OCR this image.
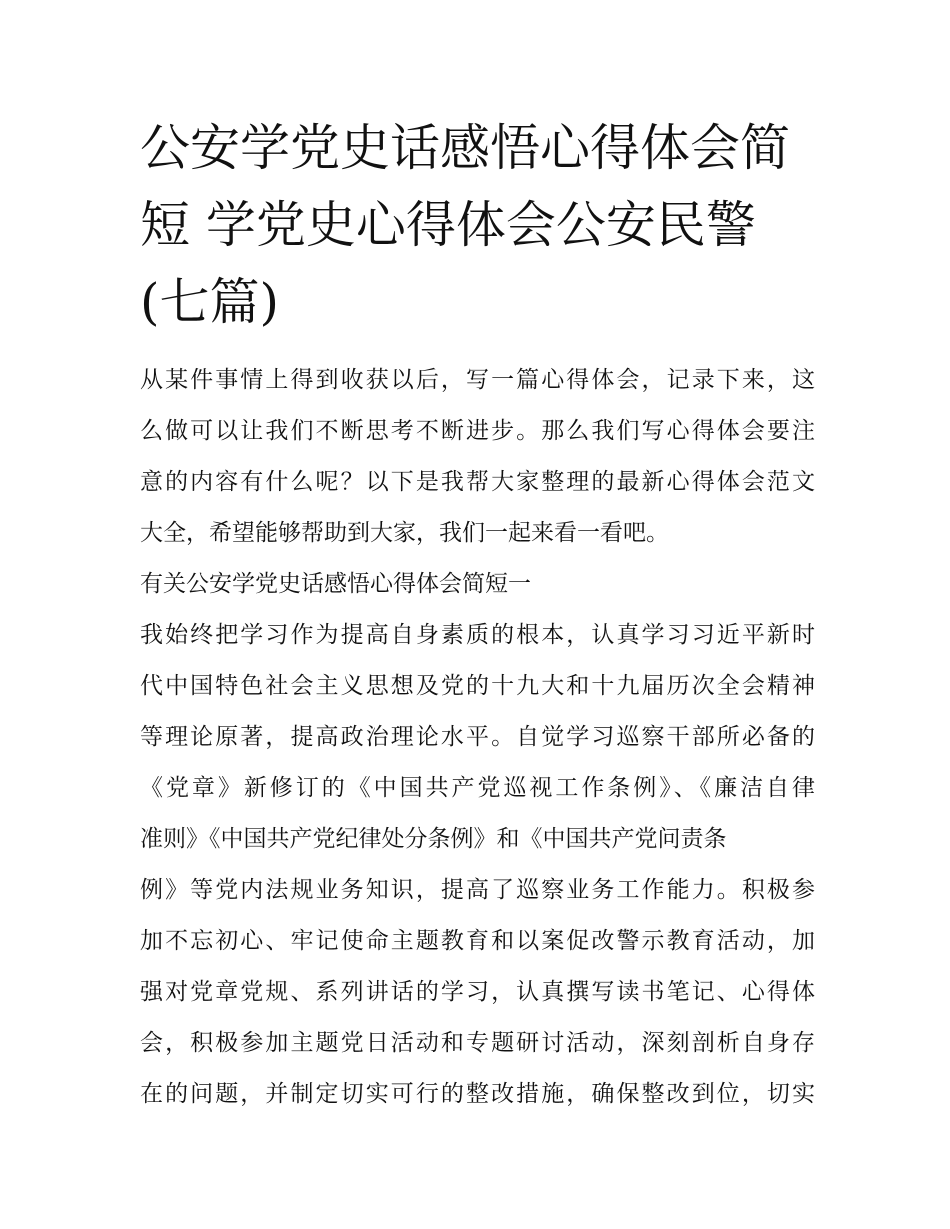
公安学党史话感悟心得体会简
短 学党史心得体会公安民警
(七篇)

从某件事情上得到收获以后，写一篇心得体会，记录下来，这
么做可以让我们不断思考不断进步。那么我们写心得体会要注
意的内容有什么呢？以下是我帮大家整理的最新心得体会范文
大全，希望能够帮助到大家，我们一起来看一看吧。

有关公安学党史话感悟心得体会简短一

我始终把学习作为提高自身素质的根本，认真学习习近平新时
代中国特色社会主义思想及党的十九大和十九届历次全会精神
等理论原著，提高政治理论水平。自觉学习巡察干部所必备的
《党章》新修订的《中国共产党巡视工作条例》、《廉洁自律
准则》《中国共产党纪律处分条例》和《中国共产党问责条
例》等党内法规业务知识，提高了巡察业务工作能力。积极参
加不忘初心、牢记使命主题教育和以案促改警示教育活动，加
强对党章党规、系列讲话的学习，认真撰写读书笔记、心得体
会，积极参加主题党日活动和专题研讨活动，深刻剖析自身存
在的问题，并制定切实可行的整改措施，确保整改到位，切实
